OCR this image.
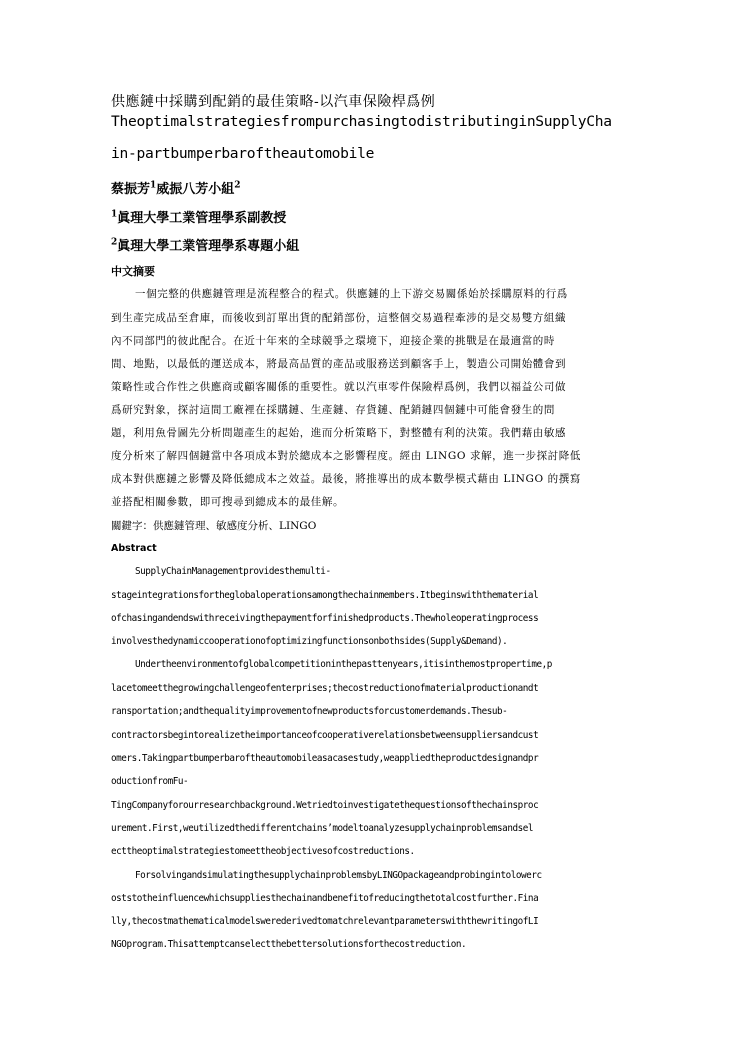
供應鏈中採購到配銷的最佳策略-以汽車保險桿爲例
TheoptimalstrategiesfrompurchasingtodistributinginSupplyCha
in-partbumperbaroftheautomobile
蔡振芳$^1$威振八芳小組$^2$
$^1$眞理大學工業管理學系副教授
$^2$眞理大學工業管理學系專題小組
中文摘要
一個完整的供應鏈管理是流程整合的程式。供應鏈的上下游交易關係始於採購原料的行爲
到生產完成品至倉庫，而後收到訂單出貨的配銷部份，這整個交易過程牽涉的是交易雙方組織
內不同部門的彼此配合。在近十年來的全球競爭之環境下，迎接企業的挑戰是在最適當的時
間、地點，以最低的運送成本，將最高品質的產品或服務送到顧客手上，製造公司開始體會到
策略性或合作性之供應商或顧客關係的重要性。就以汽車零件保險桿爲例，我們以福益公司做
爲研究對象，探討這間工廠裡在採購鏈、生產鏈、存貨鏈、配銷鏈四個鏈中可能會發生的問
題，利用魚骨圖先分析問題產生的起始，進而分析策略下，對整體有利的決策。我們藉由敏感
度分析來了解四個鏈當中各項成本對於總成本之影響程度。經由 LINGO 求解，進一步探討降低
成本對供應鏈之影響及降低總成本之效益。最後，將推導出的成本數學模式藉由 LINGO 的撰寫
並搭配相關參數，即可搜尋到總成本的最佳解。
關鍵字：供應鏈管理、敏感度分析、LINGO
Abstract
SupplyChainManagementprovidesthemulti-
stageintegrationsfortheglobaloperationsamongthechainmembers.Itbeginswiththematerial
ofchasingandendswithreceivingthepaymentforfinishedproducts.Thewholeoperatingprocess
involvesthedynamiccooperationofoptimizingfunctionsonbothsides(Supply&Demand).
Undertheenvironmentofglobalcompetitioninthepasttenyears,itisinthemostpropertime,p
lacetomeetthegrowingchallengeofenterprises;thecostreductionofmaterialproductionandt
ransportation;andthequalityimprovementofnewproductsforcustomerdemands.Thesub-
contractorsbegintorealizetheimportanceofcooperativerelationsbetweensuppliersandcust
omers.Takingpartbumperbaroftheautomobileasacasestudy,weappliedtheproductdesignandpr
oductionfromFu-
TingCompanyforourresearchbackground.Wetriedtoinvestigatethequestionsofthechainsproc
urement.First,weutilizedthedifferentchains’modeltoanalyzesupplychainproblemsandsel
ecttheoptimalstrategiestomeettheobjectivesofcostreductions.
ForsolvingandsimulatingthesupplychainproblemsbyLINGOpackageandprobingintolowerc
oststotheinfluencewhichsuppliesthechainandbenefitofreducingthetotalcostfurther.Fina
lly,thecostmathematicalmodelswerederivedtomatchrelevantparameterswiththewritingofLI
NGOprogram.Thisattemptcanselectthebettersolutionsforthecostreduction.
